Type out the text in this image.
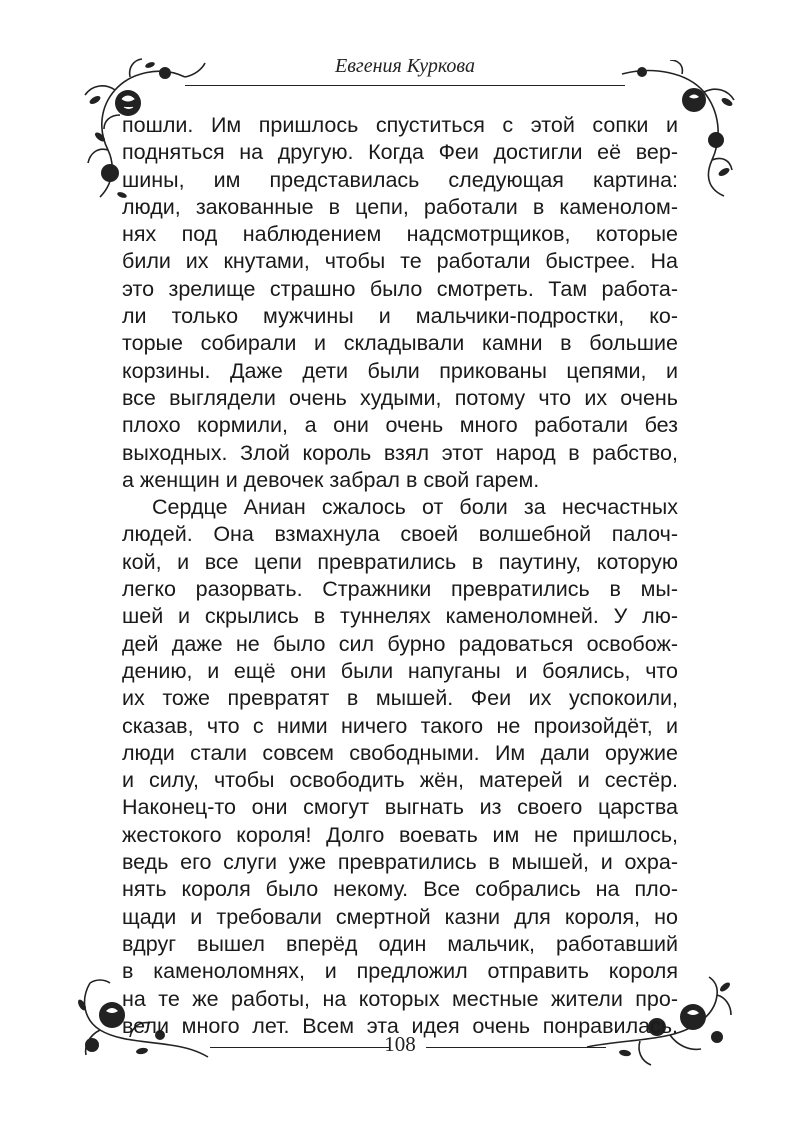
Евгения Куркова
пошли. Им пришлось спуститься с этой сопки и
подняться на другую. Когда Феи достигли её вер-
шины, им представилась следующая картина:
люди, закованные в цепи, работали в каменолом-
нях под наблюдением надсмотрщиков, которые
били их кнутами, чтобы те работали быстрее. На
это зрелище страшно было смотреть. Там работа-
ли только мужчины и мальчики-подростки, ко-
торые собирали и складывали камни в большие
корзины. Даже дети были прикованы цепями, и
все выглядели очень худыми, потому что их очень
плохо кормили, а они очень много работали без
выходных. Злой король взял этот народ в рабство,
а женщин и девочек забрал в свой гарем.
Сердце Аниан сжалось от боли за несчастных
людей. Она взмахнула своей волшебной палоч-
кой, и все цепи превратились в паутину, которую
легко разорвать. Стражники превратились в мы-
шей и скрылись в туннелях каменоломней. У лю-
дей даже не было сил бурно радоваться освобож-
дению, и ещё они были напуганы и боялись, что
их тоже превратят в мышей. Феи их успокоили,
сказав, что с ними ничего такого не произойдёт, и
люди стали совсем свободными. Им дали оружие
и силу, чтобы освободить жён, матерей и сестёр.
Наконец-то они смогут выгнать из своего царства
жестокого короля! Долго воевать им не пришлось,
ведь его слуги уже превратились в мышей, и охра-
нять короля было некому. Все собрались на пло-
щади и требовали смертной казни для короля, но
вдруг вышел вперёд один мальчик, работавший
в каменоломнях, и предложил отправить короля
на те же работы, на которых местные жители про-
вели много лет. Всем эта идея очень понравилась.
108
